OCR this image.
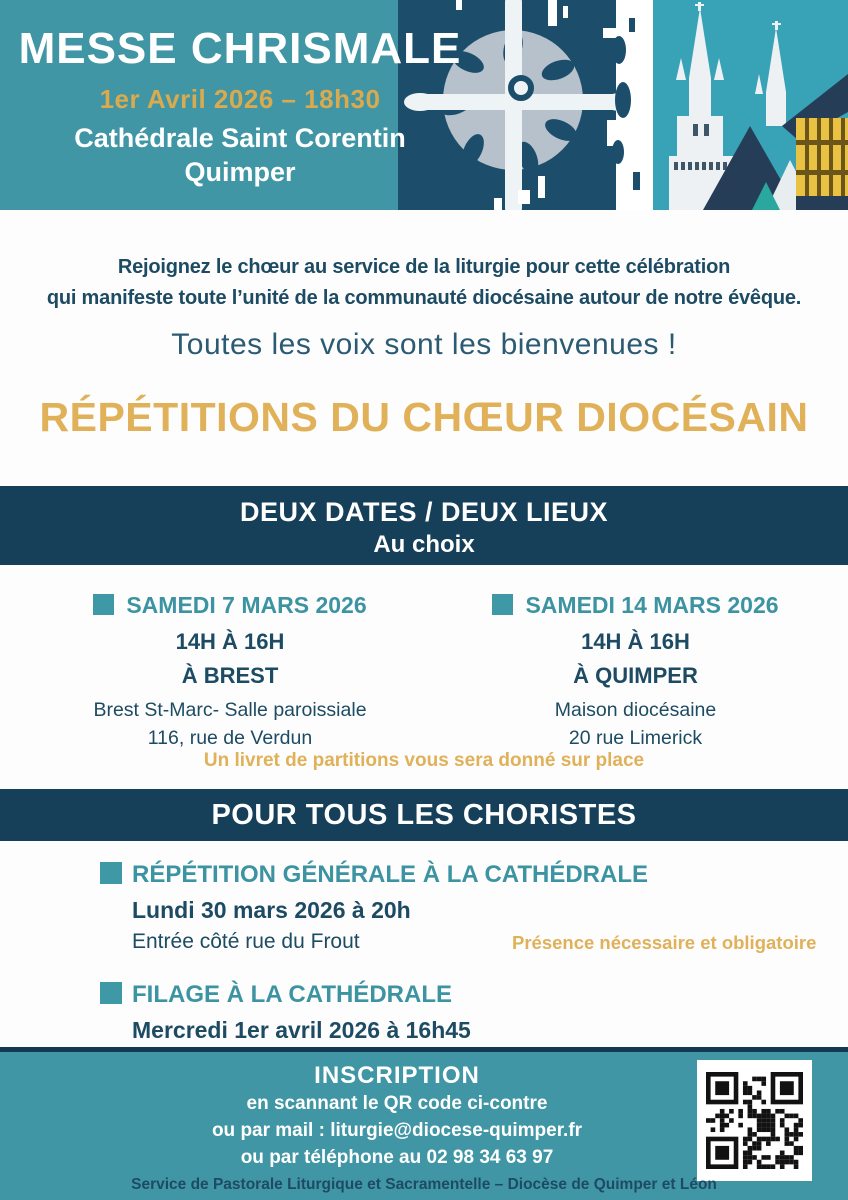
MESSE CHRISMALE
1er Avril 2026 – 18h30
Cathédrale Saint Corentin
Quimper

Rejoignez le chœur au service de la liturgie pour cette célébration

qui manifeste toute l’unité de la communauté diocésaine autour de notre évêque.

Toutes les voix sont les bienvenues !
RÉPÉTITIONS DU CHŒUR DIOCÉSAIN
DEUX DATES / DEUX LIEUX
Au choix
SAMEDI 7 MARS 2026
14H À 16H
À BREST
Brest St-Marc- Salle paroissiale
116, rue de Verdun
SAMEDI 14 MARS 2026
14H À 16H
À QUIMPER
Maison diocésaine
20 rue Limerick
Un livret de partitions vous sera donné sur place
POUR TOUS LES CHORISTES
RÉPÉTITION GÉNÉRALE À LA CATHÉDRALE
Lundi 30 mars 2026 à 20h
Entrée côté rue du Frout	Présence nécessaire et obligatoire
FILAGE À LA CATHÉDRALE
Mercredi 1er avril 2026 à 16h45
INSCRIPTION
en scannant le QR code ci-contre
ou par mail : liturgie@diocese-quimper.fr
ou par téléphone au 02 98 34 63 97
Service de Pastorale Liturgique et Sacramentelle – Diocèse de Quimper et Léon
